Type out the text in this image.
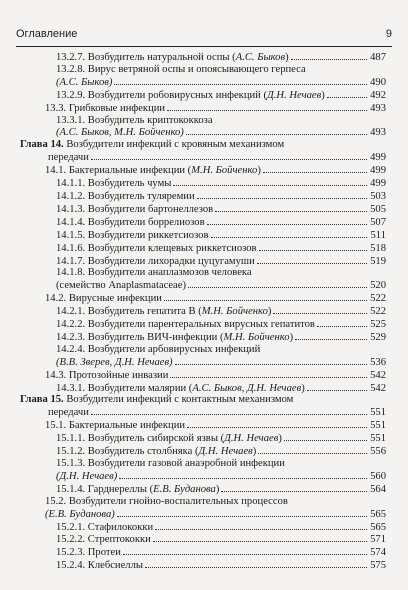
Оглавление	9
13.2.7. Возбудитель натуральной оспы (А.С. Быков)	487
13.2.8. Вирус ветряной оспы и опоясывающего герпеса
(А.С. Быков)	490
13.2.9. Возбудители робовирусных инфекций (Д.Н. Нечаев)	492
13.3. Грибковые инфекции	493
13.3.1. Возбудитель криптококкоза
(А.С. Быков, М.Н. Бойченко)	493
Глава 14. Возбудители инфекций с кровяным механизмом
передачи	499
14.1. Бактериальные инфекции (М.Н. Бойченко)	499
14.1.1. Возбудитель чумы	499
14.1.2. Возбудитель туляремии	503
14.1.3. Возбудители бартонеллезов	505
14.1.4. Возбудители боррелиозов	507
14.1.5. Возбудители риккетсиозов	511
14.1.6. Возбудители клещевых риккетсиозов	518
14.1.7. Возбудители лихорадки цуцугамуши	519
14.1.8. Возбудители анаплазмозов человека
(семейство Anaplasmataceae)	520
14.2. Вирусные инфекции	522
14.2.1. Возбудитель гепатита В (М.Н. Бойченко)	522
14.2.2. Возбудители парентеральных вирусных гепатитов	525
14.2.3. Возбудитель ВИЧ-инфекции (М.Н. Бойченко)	529
14.2.4. Возбудители арбовирусных инфекций
(В.В. Зверев, Д.Н. Нечаев)	536
14.3. Протозойные инвазии	542
14.3.1. Возбудители малярии (А.С. Быков, Д.Н. Нечаев)	542
Глава 15. Возбудители инфекций с контактным механизмом
передачи	551
15.1. Бактериальные инфекции	551
15.1.1. Возбудитель сибирской язвы (Д.Н. Нечаев)	551
15.1.2. Возбудитель столбняка (Д.Н. Нечаев)	556
15.1.3. Возбудители газовой анаэробной инфекции
(Д.Н. Нечаев)	560
15.1.4. Гарднереллы (Е.В. Буданова)	564
15.2. Возбудители гнойно-воспалительных процессов
(Е.В. Буданова)	565
15.2.1. Стафилококки	565
15.2.2. Стрептококки	571
15.2.3. Протеи	574
15.2.4. Клебсиеллы	575
